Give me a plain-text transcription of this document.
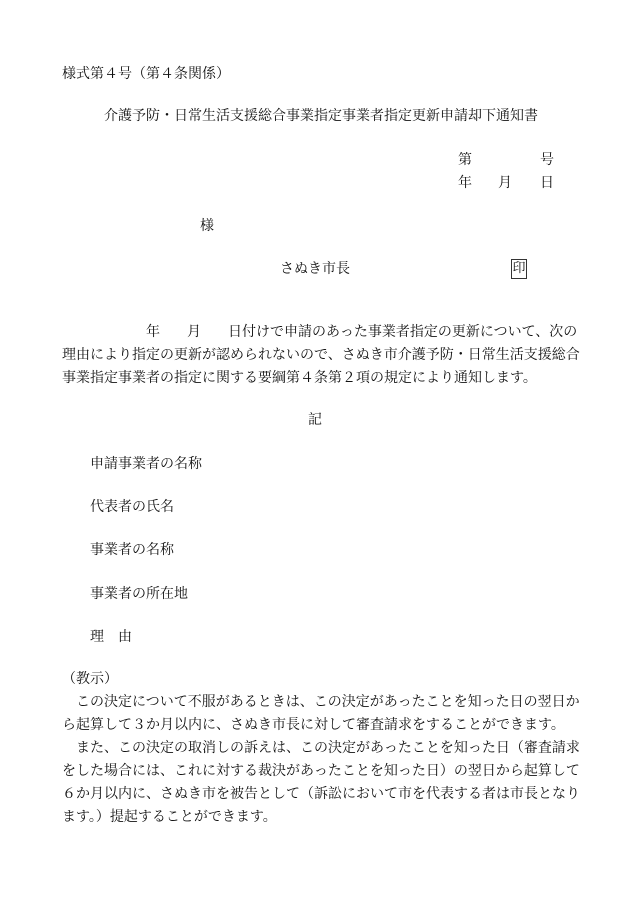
様式第４号（第４条関係）
介護予防・日常生活支援総合事業指定事業者指定更新申請却下通知書
第	号
年 月 日
様
さぬき市長	印
年 月 日付けで申請のあった事業者指定の更新について、次の
理由により指定の更新が認められないので、さぬき市介護予防・日常生活支援総合
事業指定事業者の指定に関する要綱第４条第２項の規定により通知します。
記
申請事業者の名称
代表者の氏名
事業者の名称
事業者の所在地
理　由
（教示）
　この決定について不服があるときは、この決定があったことを知った日の翌日か
ら起算して３か月以内に、さぬき市長に対して審査請求をすることができます。
　また、この決定の取消しの訴えは、この決定があったことを知った日（審査請求
をした場合には、これに対する裁決があったことを知った日）の翌日から起算して
６か月以内に、さぬき市を被告として（訴訟において市を代表する者は市長となり
ます。）提起することができます。
